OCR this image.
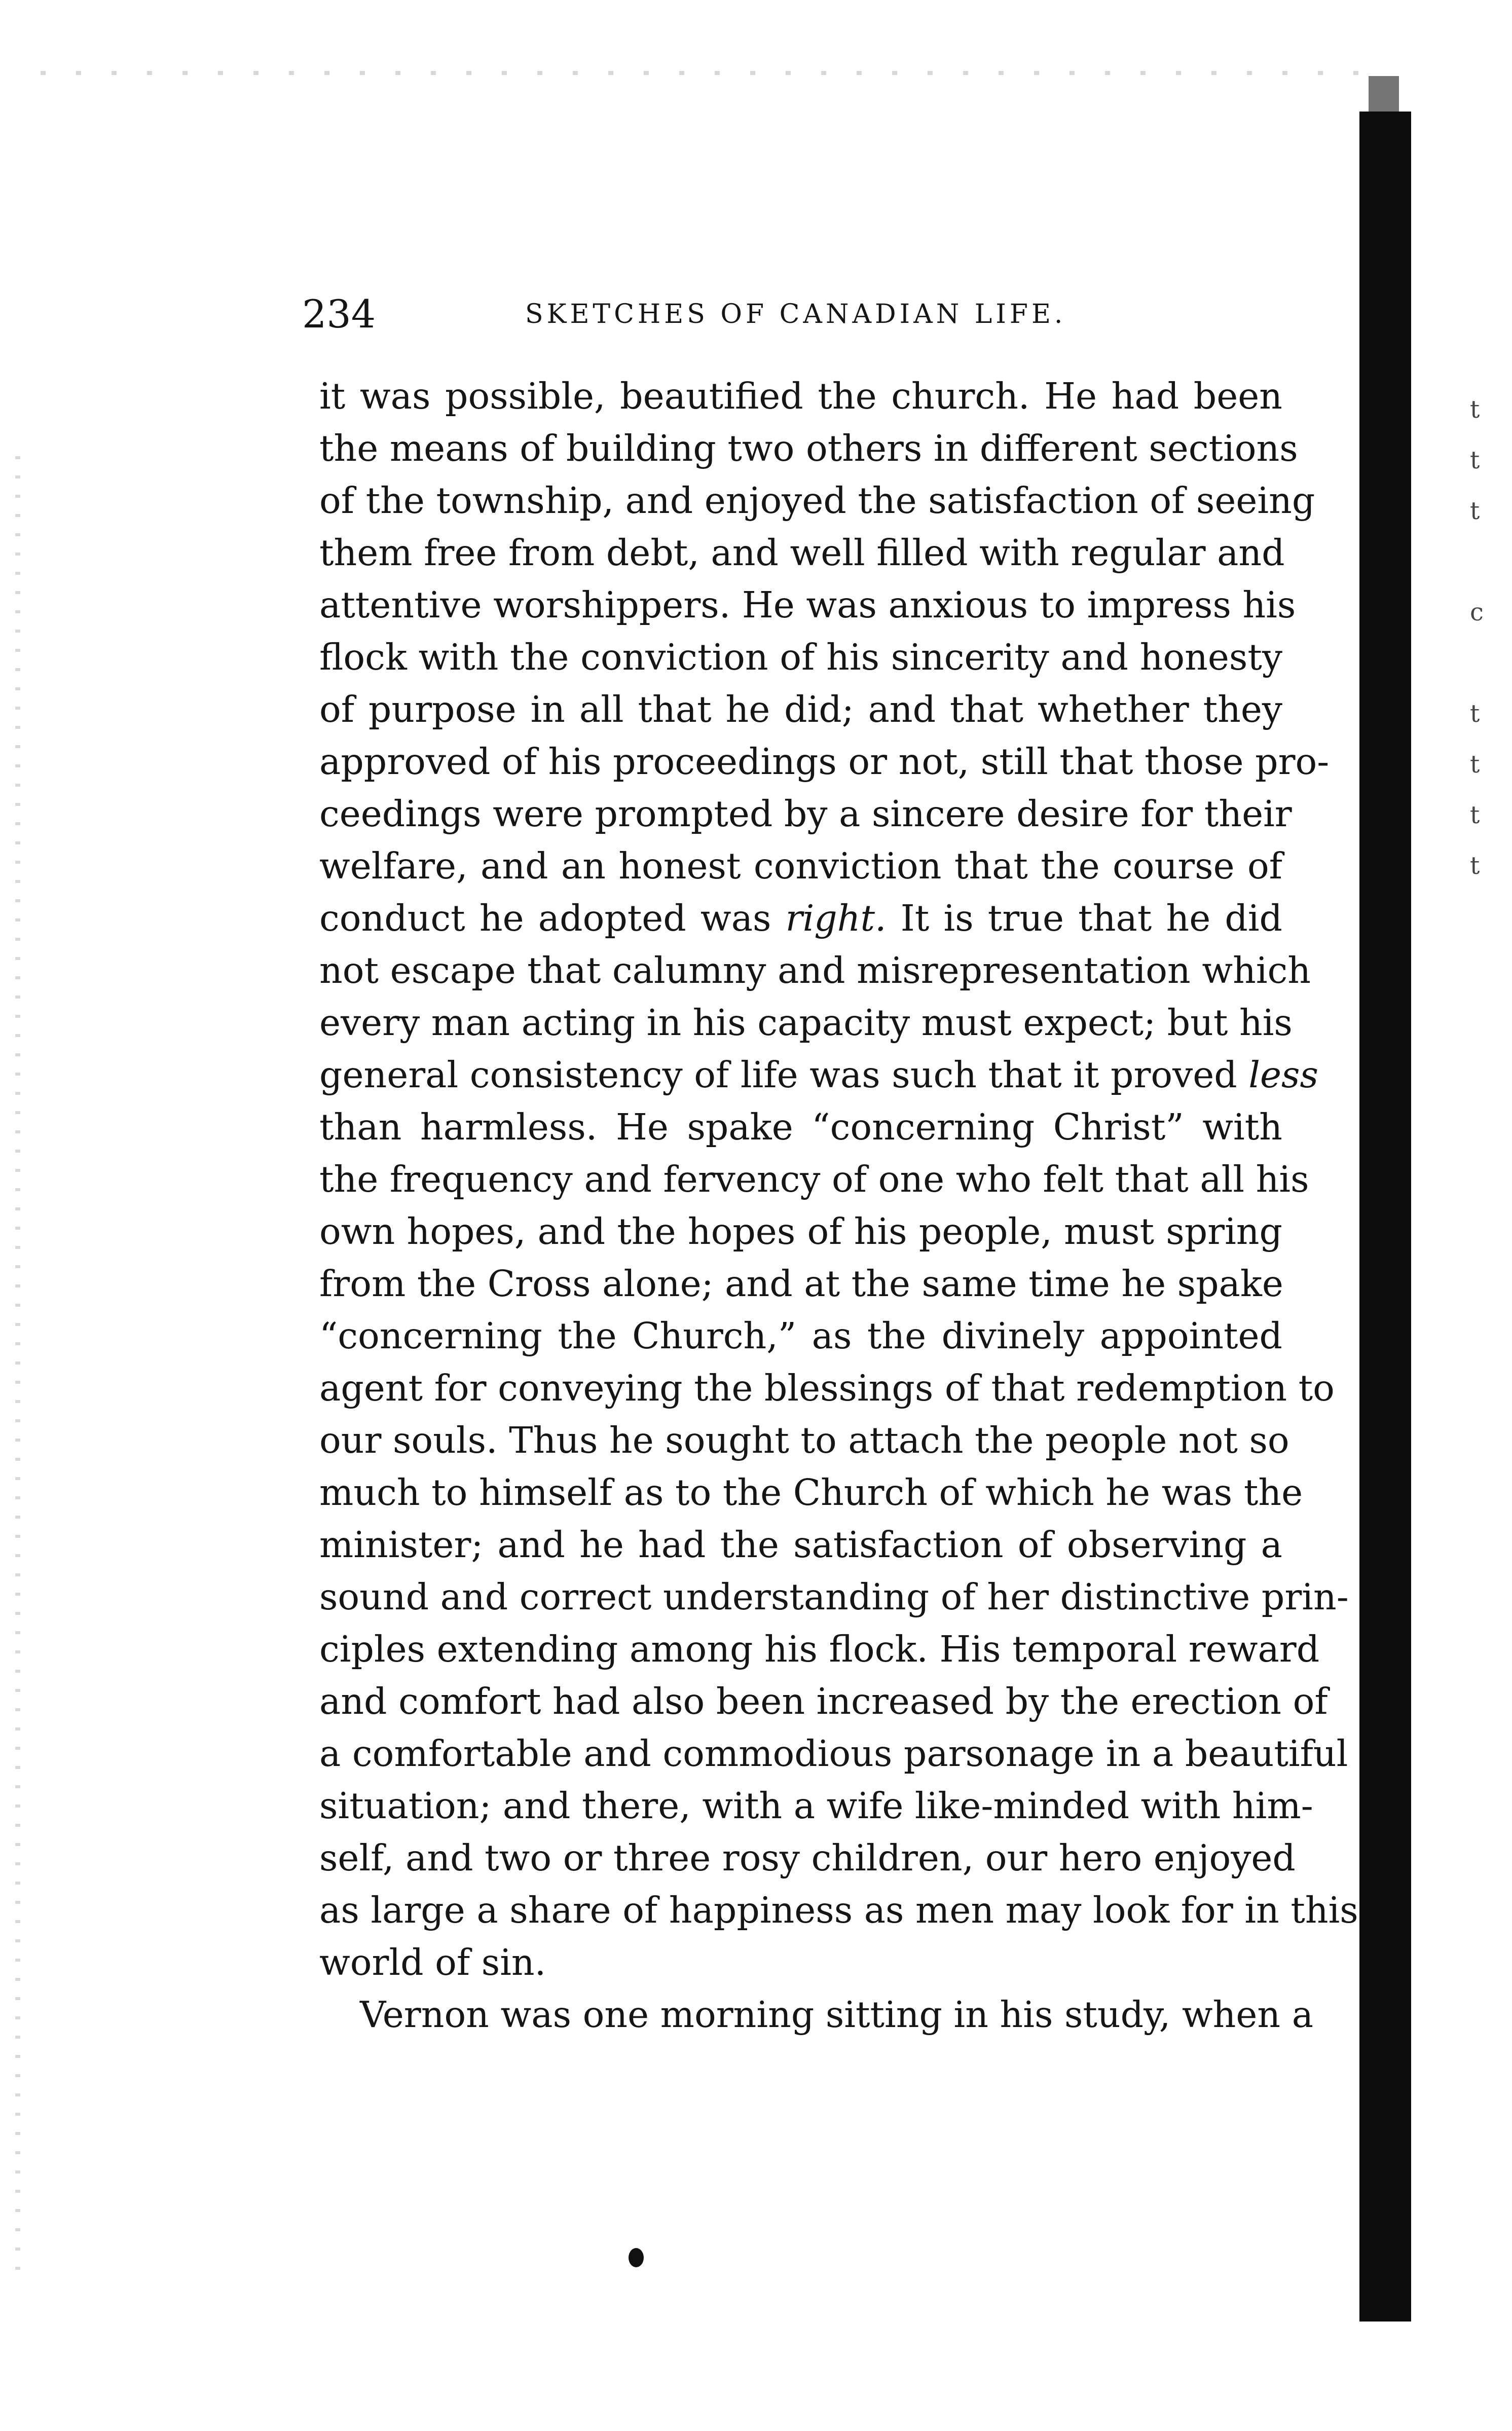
t
t
t
c
t
t
t
t
234	SKETCHES OF CANADIAN LIFE.
it was possible, beautified the church. He had been
the means of building two others in different sections
of the township, and enjoyed the satisfaction of seeing
them free from debt, and well filled with regular and
attentive worshippers. He was anxious to impress his
flock with the conviction of his sincerity and honesty
of purpose in all that he did; and that whether they
approved of his proceedings or not, still that those pro-
ceedings were prompted by a sincere desire for their
welfare, and an honest conviction that the course of
conduct he adopted was right. It is true that he did
not escape that calumny and misrepresentation which
every man acting in his capacity must expect; but his
general consistency of life was such that it proved less
than harmless. He spake “concerning Christ” with
the frequency and fervency of one who felt that all his
own hopes, and the hopes of his people, must spring
from the Cross alone; and at the same time he spake
“concerning the Church,” as the divinely appointed
agent for conveying the blessings of that redemption to
our souls. Thus he sought to attach the people not so
much to himself as to the Church of which he was the
minister; and he had the satisfaction of observing a
sound and correct understanding of her distinctive prin-
ciples extending among his flock. His temporal reward
and comfort had also been increased by the erection of
a comfortable and commodious parsonage in a beautiful
situation; and there, with a wife like-minded with him-
self, and two or three rosy children, our hero enjoyed
as large a share of happiness as men may look for in this
world of sin.
Vernon was one morning sitting in his study, when a
